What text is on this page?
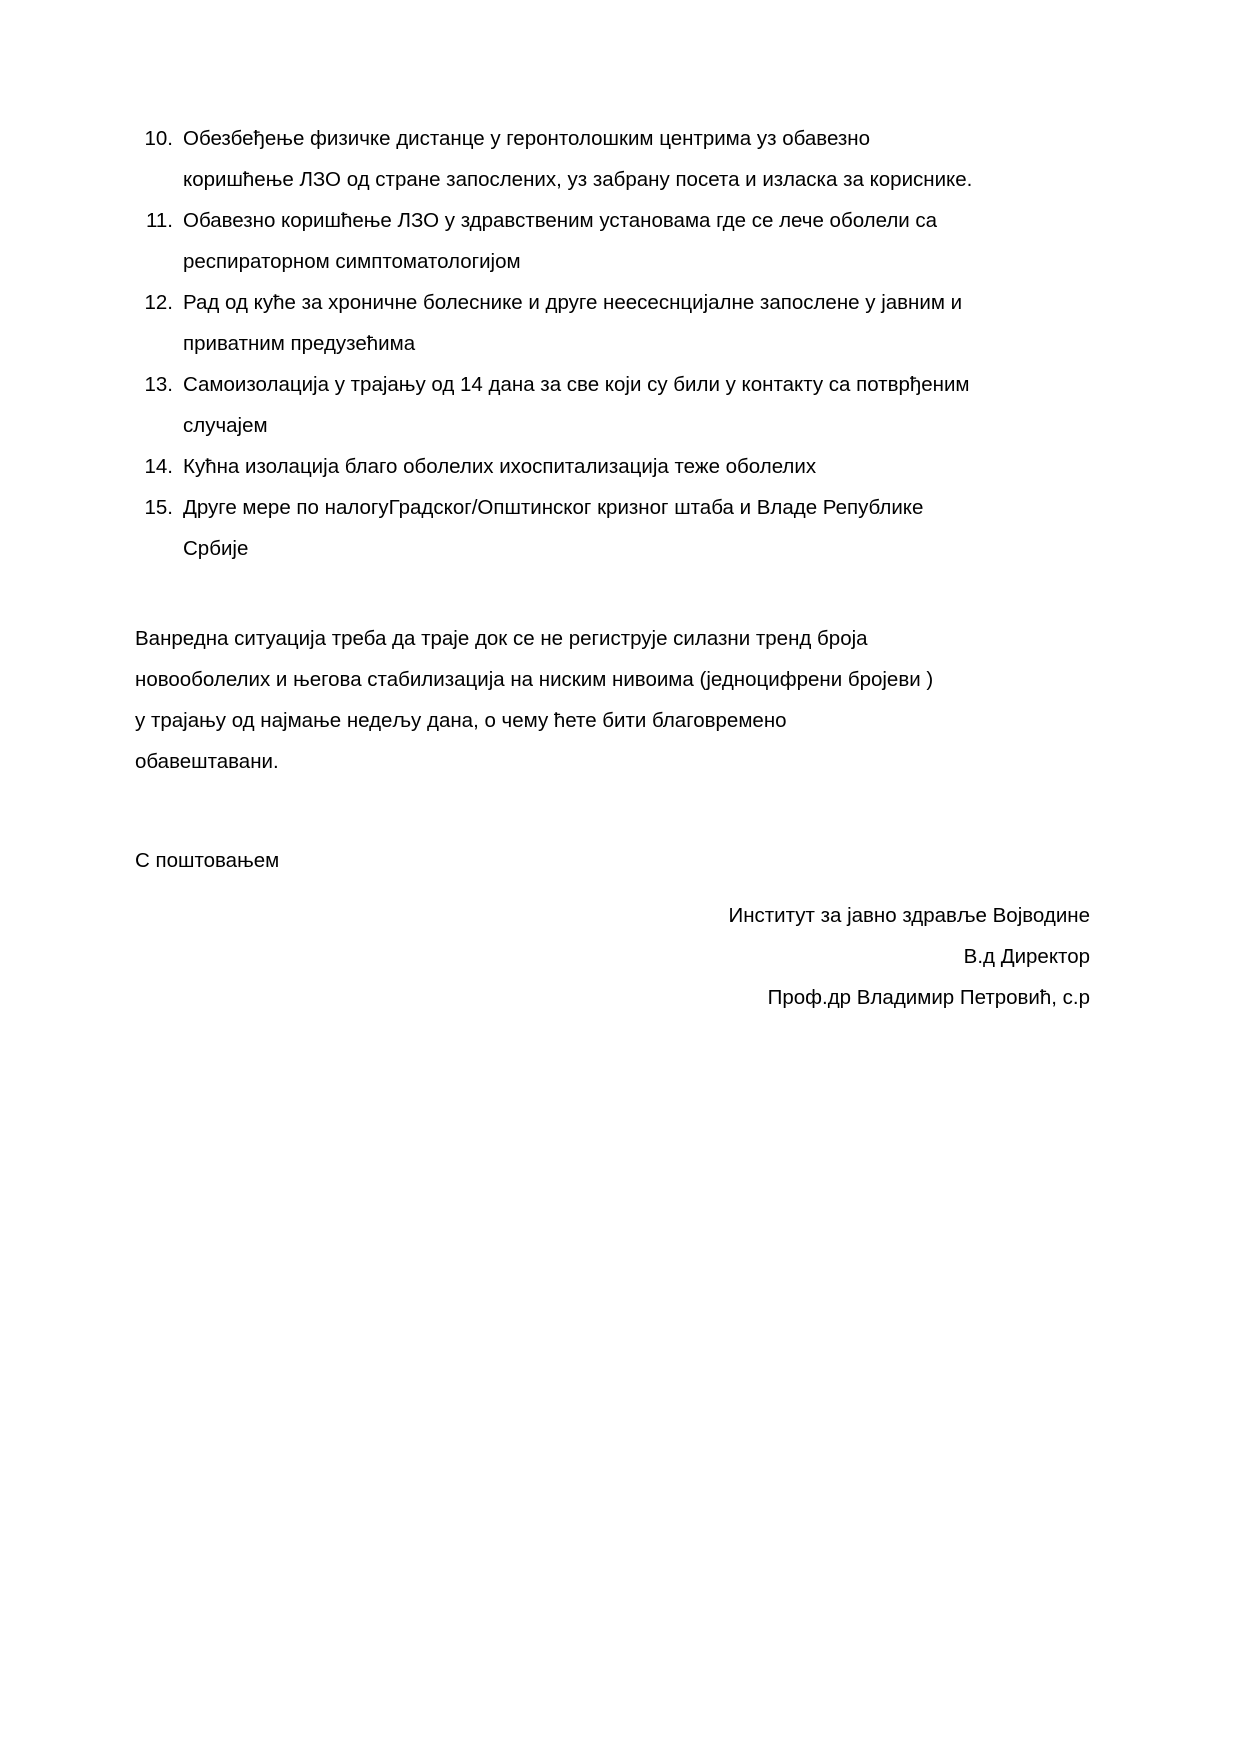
10. Обезбеђење физичке дистанце у геронтолошким центрима уз обавезно коришћење ЛЗО од стране запослених, уз забрану посета и изласка за кориснике.
11. Обавезно коришћење ЛЗО у здравственим установама где се лече оболели са респираторном симптоматологијом
12. Рад од куће за хроничне болеснике и друге неесеснцијалне запослене у јавним и приватним предузећима
13. Самоизолација у трајању од 14 дана за све који су били у контакту са потврђеним случајем
14. Кућна изолација благо оболелих ихоспитализација теже оболелих
15. Друге мере по налогуГрадског/Општинског кризног штаба и Владе Републике Србије

Ванредна ситуација треба да траје док се не региструје силазни тренд броја новооболелих и његова стабилизација на ниским нивоима (једноцифрени бројеви ) у трајању од најмање недељу дана, о чему ћете бити благовремено обавештавани.

С поштовањем

Институт за јавно здравље Војводине

В.д Директор

Проф.др Владимир Петровић, с.р
